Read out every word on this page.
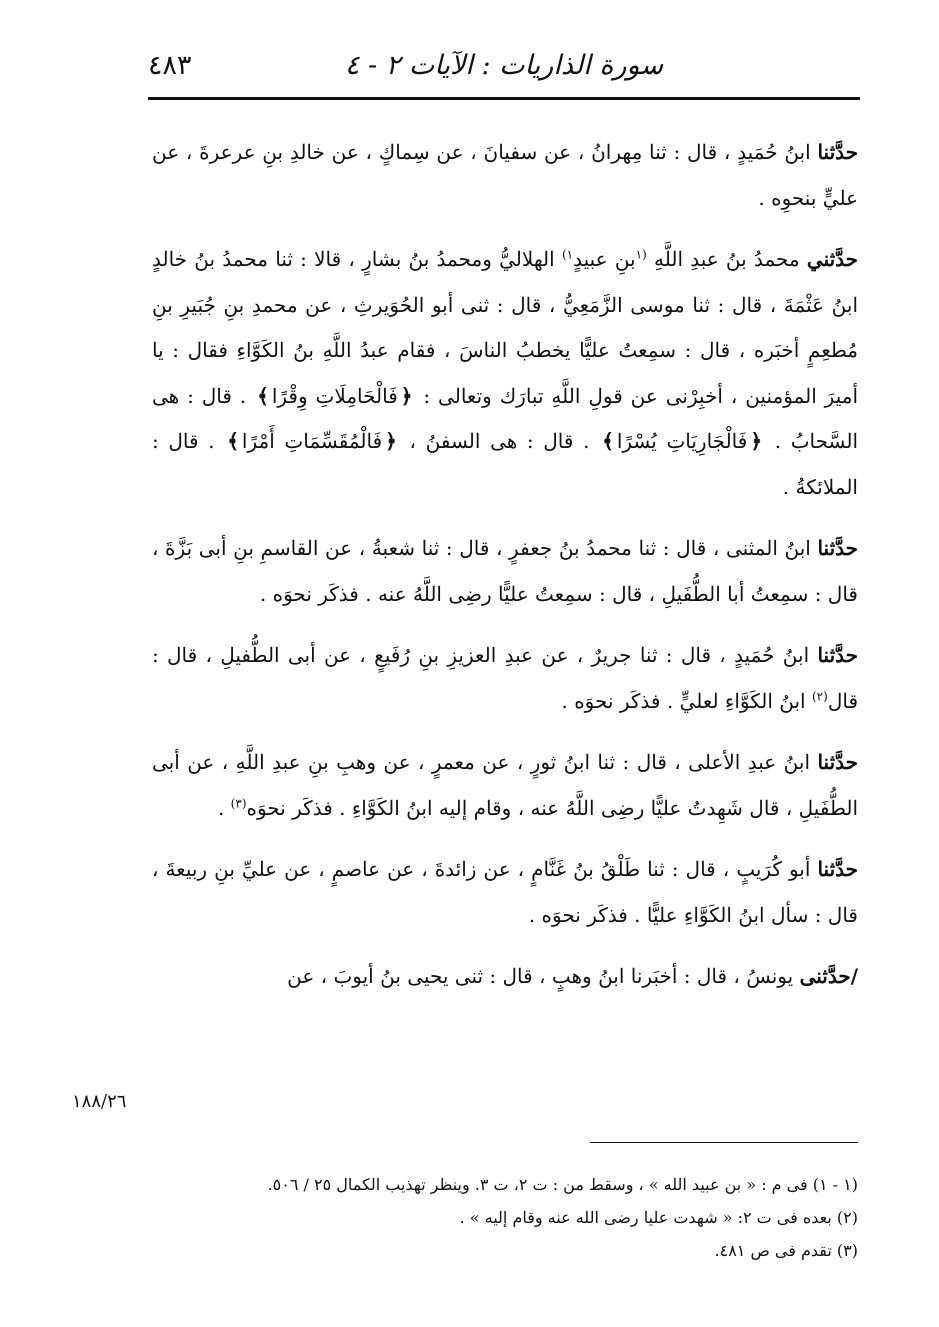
سورة الذاريات : الآيات ٢ - ٤
٤٨٣

حدَّثنا ابنُ حُمَيدٍ ، قال : ثنا مِهرانُ ، عن سفيانَ ، عن سِماكٍ ، عن خالدِ بنِ عرعرةَ ، عن عليٍّ بنحوِه .

حدَّثني محمدُ بنُ عبدِ اللَّهِ $^{(١}$بنِ عبيدٍ$^{١)}$ الهلاليُّ ومحمدُ بنُ بشارٍ ، قالا : ثنا محمدُ بنُ خالدٍ ابنُ عَثْمَةَ ، قال : ثنا موسى الزَّمَعِيُّ ، قال : ثنى أبو الحُوَيرثِ ، عن محمدِ بنِ جُبَيرِ بنِ مُطعِمٍ أخبَره ، قال : سمِعتُ عليًّا يخطبُ الناسَ ، فقام عبدُ اللَّهِ بنُ الكَوَّاءِ فقال : يا أميرَ المؤمنين ، أخبِرْنى عن قولِ اللَّهِ تبارَك وتعالى : ﴿فَالْحَامِلَاتِ وِقْرًا﴾ . قال : هى السَّحابُ . ﴿فَالْجَارِيَاتِ يُسْرًا﴾ . قال : هى السفنُ ، ﴿فَالْمُقَسِّمَاتِ أَمْرًا﴾ . قال : الملائكةُ .

حدَّثنا ابنُ المثنى ، قال : ثنا محمدُ بنُ جعفرٍ ، قال : ثنا شعبةُ ، عن القاسمِ بنِ أبى بَزَّةَ ، قال : سمِعتُ أبا الطُّفَيلِ ، قال : سمِعتُ عليًّا رضِى اللَّهُ عنه . فذكَر نحوَه .

حدَّثنا ابنُ حُمَيدٍ ، قال : ثنا جريرٌ ، عن عبدِ العزيزِ بنِ رُفَيعٍ ، عن أبى الطُّفيلِ ، قال : قال$^{(٢)}$ ابنُ الكَوَّاءِ لعليٍّ . فذكَر نحوَه .

حدَّثنا ابنُ عبدِ الأعلى ، قال : ثنا ابنُ ثورٍ ، عن معمرٍ ، عن وهبِ بنِ عبدِ اللَّهِ ، عن أبى الطُّفَيلِ ، قال شَهِدتُ عليًّا رضِى اللَّهُ عنه ، وقام إليه ابنُ الكَوَّاءِ . فذكَر نحوَه$^{(٣)}$ .

حدَّثنا أبو كُرَيبٍ ، قال : ثنا طَلْقُ بنُ غَنَّامٍ ، عن زائدةَ ، عن عاصمٍ ، عن عليِّ بنِ ربيعةَ ، قال : سأل ابنُ الكَوَّاءِ عليًّا . فذكَر نحوَه .

/حدَّثنى يونسُ ، قال : أخبَرنا ابنُ وهبٍ ، قال : ثنى يحيى بنُ أيوبَ ، عن

١٨٨/٢٦

(١ - ١) فى م : « بن عبيد الله » ، وسقط من : ت ٢، ت ٣. وينظر تهذيب الكمال ٢٥ / ٥٠٦.

(٢) بعده فى ت ٢: « شهدت عليا رضى الله عنه وقام إليه » .

(٣) تقدم فى ص ٤٨١.
